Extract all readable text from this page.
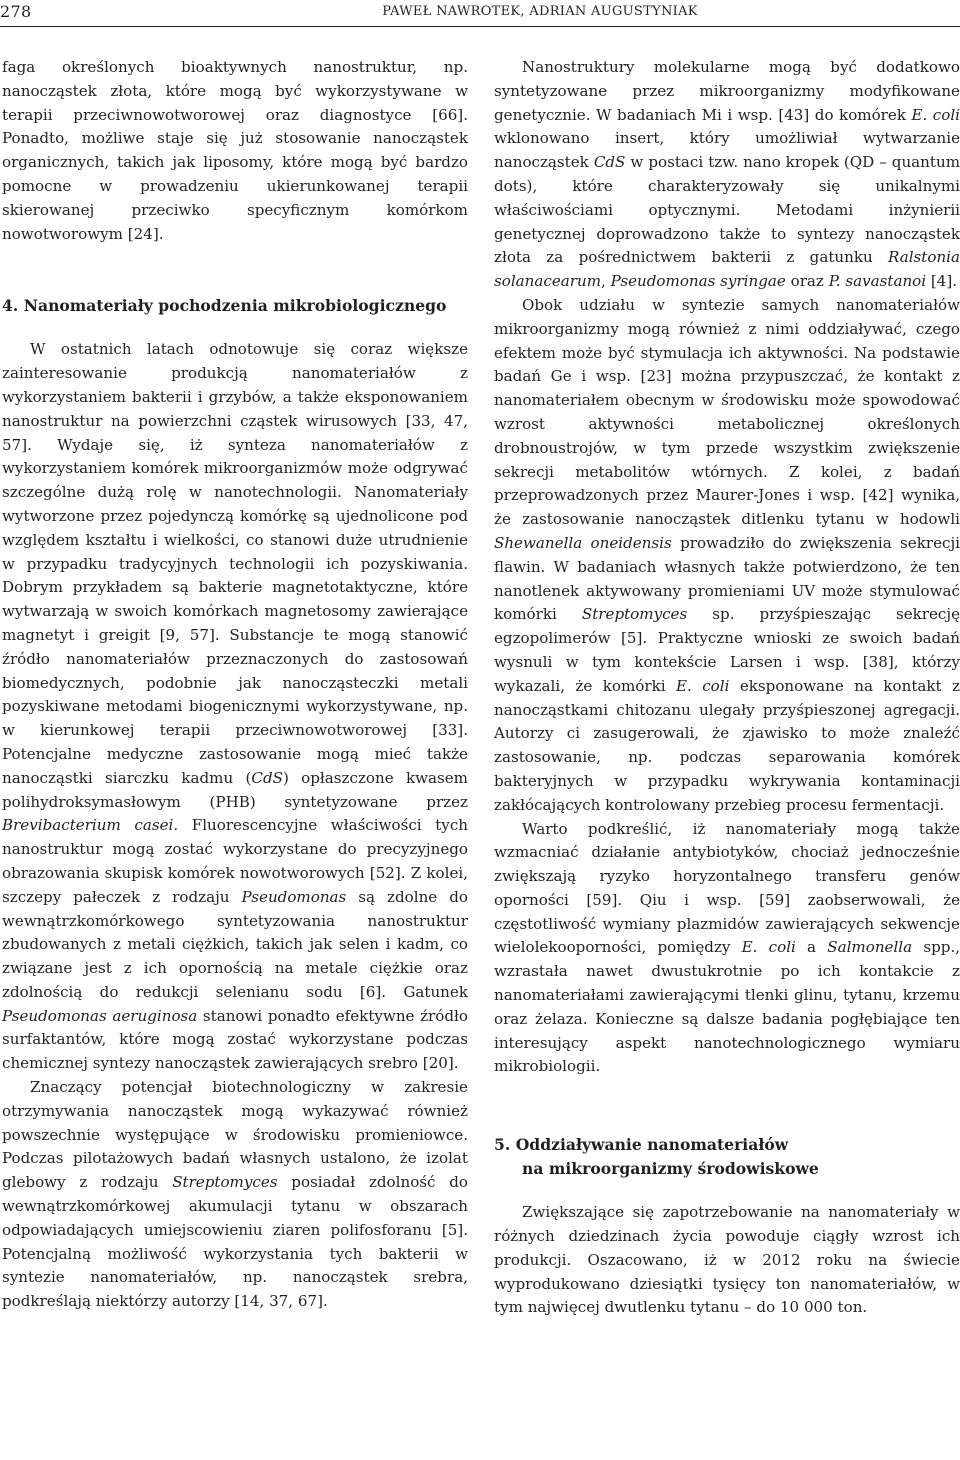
278	PAWEŁ NAWROTEK, ADRIAN AUGUSTYNIAK

faga określonych bioaktywnych nanostruktur, np. nanocząstek złota, które mogą być wykorzystywane w terapii przeciwnowotworowej oraz diagnostyce [66]. Ponadto, możliwe staje się już stosowanie nanocząstek organicznych, takich jak liposomy, które mogą być bardzo pomocne w prowadzeniu ukierunkowanej terapii skierowanej przeciwko specyficznym komórkom nowotworowym [24].

4. Nanomateriały pochodzenia mikrobiologicznego

W ostatnich latach odnotowuje się coraz większe zainteresowanie produkcją nanomateriałów z wykorzystaniem bakterii i grzybów, a także eksponowaniem nanostruktur na powierzchni cząstek wirusowych [33, 47, 57]. Wydaje się, iż synteza nanomateriałów z wykorzystaniem komórek mikroorganizmów może odgrywać szczególne dużą rolę w nanotechnologii. Nanomateriały wytworzone przez pojedynczą komórkę są ujednolicone pod względem kształtu i wielkości, co stanowi duże utrudnienie w przypadku tradycyjnych technologii ich pozyskiwania. Dobrym przykładem są bakterie magnetotaktyczne, które wytwarzają w swoich komórkach magnetosomy zawierające magnetyt i greigit [9, 57]. Substancje te mogą stanowić źródło nanomateriałów przeznaczonych do zastosowań biomedycznych, podobnie jak nanocząsteczki metali pozyskiwane metodami biogenicznymi wykorzystywane, np. w kierunkowej terapii przeciwnowotworowej [33]. Potencjalne medyczne zastosowanie mogą mieć także nanocząstki siarczku kadmu (CdS) opłaszczone kwasem polihydroksymasłowym (PHB) syntetyzowane przez Brevibacterium casei. Fluorescencyjne właściwości tych nanostruktur mogą zostać wykorzystane do precyzyjnego obrazowania skupisk komórek nowotworowych [52]. Z kolei, szczepy pałeczek z rodzaju Pseudomonas są zdolne do wewnątrzkomórkowego syntetyzowania nanostruktur zbudowanych z metali ciężkich, takich jak selen i kadm, co związane jest z ich opornością na metale ciężkie oraz zdolnością do redukcji selenianu sodu [6]. Gatunek Pseudomonas aeruginosa stanowi ponadto efektywne źródło surfaktantów, które mogą zostać wykorzystane podczas chemicznej syntezy nanocząstek zawierających srebro [20].

Znaczący potencjał biotechnologiczny w zakresie otrzymywania nanocząstek mogą wykazywać również powszechnie występujące w środowisku promieniowce. Podczas pilotażowych badań własnych ustalono, że izolat glebowy z rodzaju Streptomyces posiadał zdolność do wewnątrzkomórkowej akumulacji tytanu w obszarach odpowiadających umiejscowieniu ziaren polifosforanu [5]. Potencjalną możliwość wykorzystania tych bakterii w syntezie nanomateriałów, np. nanocząstek srebra, podkreślają niektórzy autorzy [14, 37, 67].

Nanostruktury molekularne mogą być dodatkowo syntetyzowane przez mikroorganizmy modyfikowane genetycznie. W badaniach Mi i wsp. [43] do komórek E. coli wklonowano insert, który umożliwiał wytwarzanie nanocząstek CdS w postaci tzw. nano kropek (QD – quantum dots), które charakteryzowały się unikalnymi właściwościami optycznymi. Metodami inżynierii genetycznej doprowadzono także to syntezy nanocząstek złota za pośrednictwem bakterii z gatunku Ralstonia solanacearum, Pseudomonas syringae oraz P. savastanoi [4].

Obok udziału w syntezie samych nanomateriałów mikroorganizmy mogą również z nimi oddziaływać, czego efektem może być stymulacja ich aktywności. Na podstawie badań Ge i wsp. [23] można przypuszczać, że kontakt z nanomateriałem obecnym w środowisku może spowodować wzrost aktywności metabolicznej określonych drobnoustrojów, w tym przede wszystkim zwiększenie sekrecji metabolitów wtórnych. Z kolei, z badań przeprowadzonych przez Maurer-Jones i wsp. [42] wynika, że zastosowanie nanocząstek ditlenku tytanu w hodowli Shewanella oneidensis prowadziło do zwiększenia sekrecji flawin. W badaniach własnych także potwierdzono, że ten nanotlenek aktywowany promieniami UV może stymulować komórki Streptomyces sp. przyśpieszając sekrecję egzopolimerów [5]. Praktyczne wnioski ze swoich badań wysnuli w tym kontekście Larsen i wsp. [38], którzy wykazali, że komórki E. coli eksponowane na kontakt z nanocząstkami chitozanu ulegały przyśpieszonej agregacji. Autorzy ci zasugerowali, że zjawisko to może znaleźć zastosowanie, np. podczas separowania komórek bakteryjnych w przypadku wykrywania kontaminacji zakłócających kontrolowany przebieg procesu fermentacji.

Warto podkreślić, iż nanomateriały mogą także wzmacniać działanie antybiotyków, chociaż jednocześnie zwiększają ryzyko horyzontalnego transferu genów oporności [59]. Qiu i wsp. [59] zaobserwowali, że częstotliwość wymiany plazmidów zawierających sekwencje wielolekooporności, pomiędzy E. coli a Salmonella spp., wzrastała nawet dwustukrotnie po ich kontakcie z nanomateriałami zawierającymi tlenki glinu, tytanu, krzemu oraz żelaza. Konieczne są dalsze badania pogłębiające ten interesujący aspekt nanotechnologicznego wymiaru mikrobiologii.

5. Oddziaływanie nanomateriałów
na mikroorganizmy środowiskowe

Zwiększające się zapotrzebowanie na nanomateriały w różnych dziedzinach życia powoduje ciągły wzrost ich produkcji. Oszacowano, iż w 2012 roku na świecie wyprodukowano dziesiątki tysięcy ton nanomateriałów, w tym najwięcej dwutlenku tytanu – do 10 000 ton.
